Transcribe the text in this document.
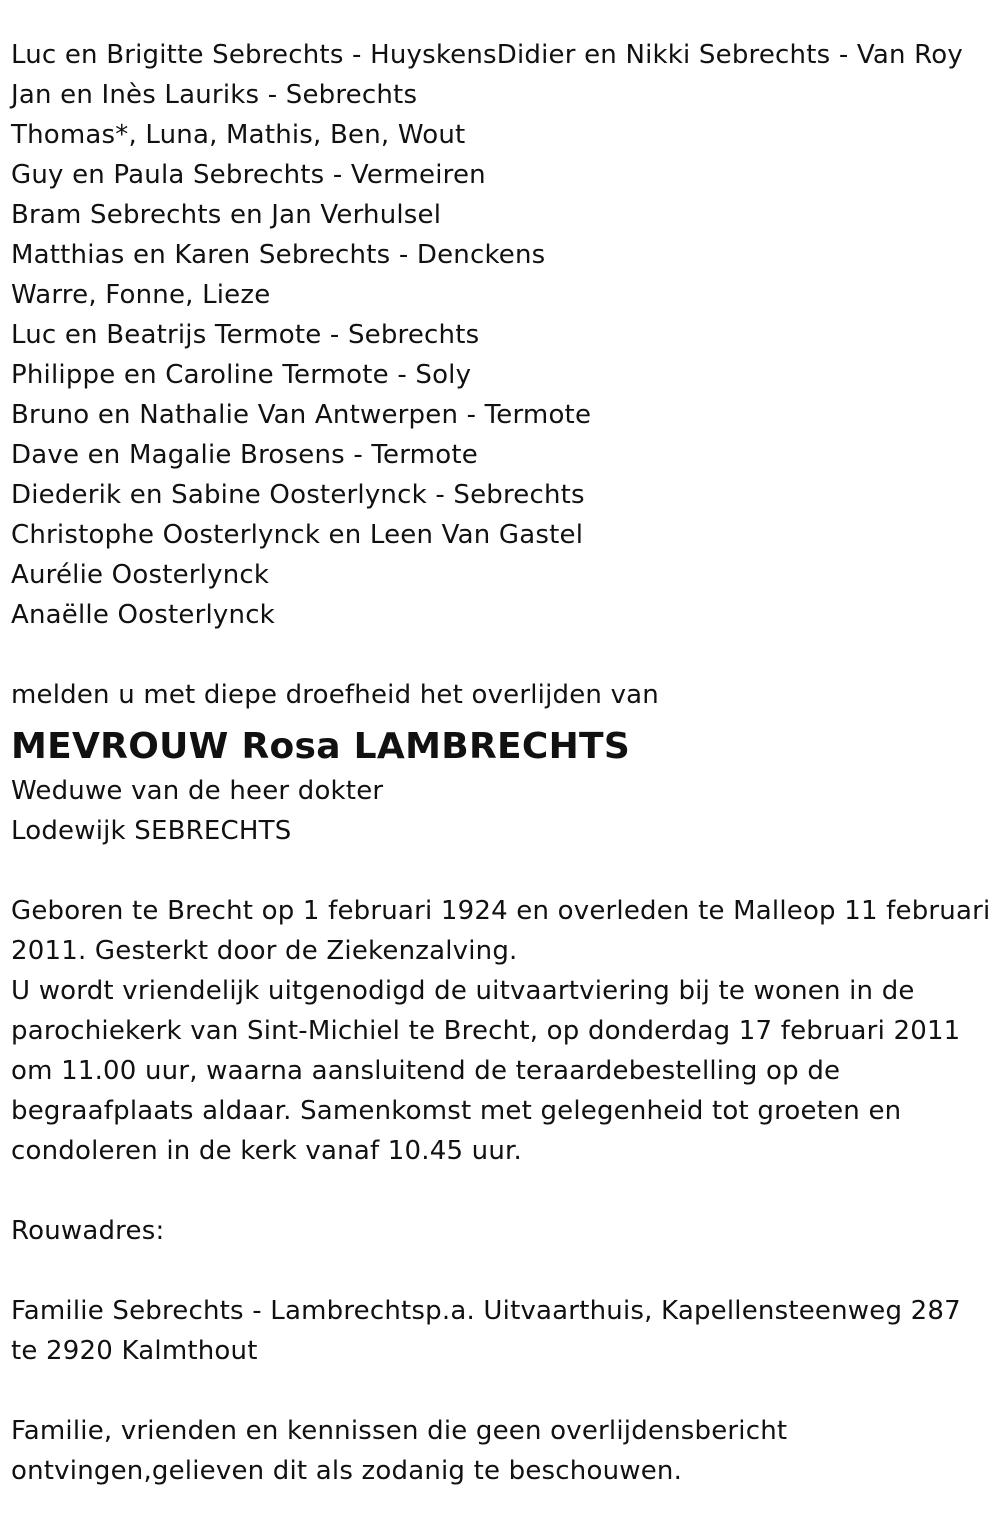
Luc en Brigitte Sebrechts - HuyskensDidier en Nikki Sebrechts - Van Roy
Jan en Inès Lauriks - Sebrechts
Thomas*, Luna, Mathis, Ben, Wout
Guy en Paula Sebrechts - Vermeiren
Bram Sebrechts en Jan Verhulsel
Matthias en Karen Sebrechts - Denckens
Warre, Fonne, Lieze
Luc en Beatrijs Termote - Sebrechts
Philippe en Caroline Termote - Soly
Bruno en Nathalie Van Antwerpen - Termote
Dave en Magalie Brosens - Termote
Diederik en Sabine Oosterlynck - Sebrechts
Christophe Oosterlynck en Leen Van Gastel
Aurélie Oosterlynck
Anaëlle Oosterlynck
melden u met diepe droefheid het overlijden van
MEVROUW Rosa LAMBRECHTS
Weduwe van de heer dokter
Lodewijk SEBRECHTS
Geboren te Brecht op 1 februari 1924 en overleden te Malleop 11 februari 2011. Gesterkt door de Ziekenzalving.
U wordt vriendelijk uitgenodigd de uitvaartviering bij te wonen in de parochiekerk van Sint-Michiel te Brecht, op donderdag 17 februari 2011 om 11.00 uur, waarna aansluitend de teraardebestelling op de begraafplaats aldaar. Samenkomst met gelegenheid tot groeten en condoleren in de kerk vanaf 10.45 uur.
Rouwadres:
Familie Sebrechts - Lambrechtsp.a. Uitvaarthuis, Kapellensteenweg 287 te 2920 Kalmthout
Familie, vrienden en kennissen die geen overlijdensbericht ontvingen,gelieven dit als zodanig te beschouwen.
